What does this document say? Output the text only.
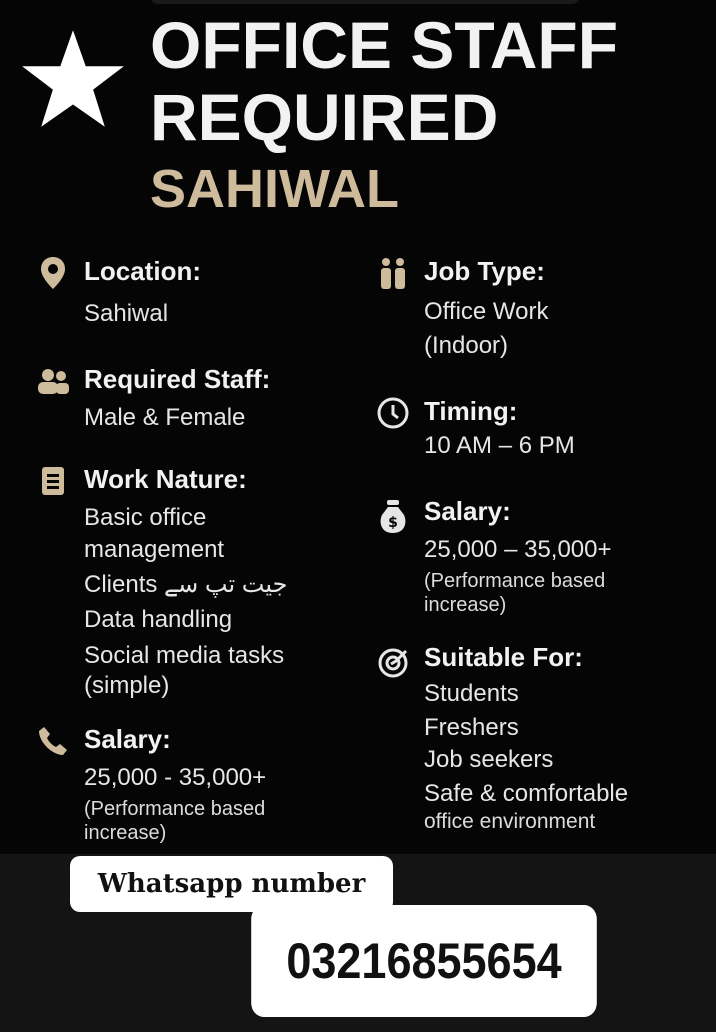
OFFICE STAFF
REQUIRED
SAHIWAL
Location:
Sahiwal
Required Staff:
Male & Female
Work Nature:
Basic office
management
Clients جیت تپ سے
Data handling
Social media tasks
(simple)
Salary:
25,000 - 35,000+
(Performance based
increase)
Job Type:
Office Work
(Indoor)
Timing:
10 AM – 6 PM
$ Salary:
25,000 – 35,000+
(Performance based
increase)
Suitable For:
Students
Freshers
Job seekers
Safe & comfortable
office environment
Whatsapp number
03216855654
